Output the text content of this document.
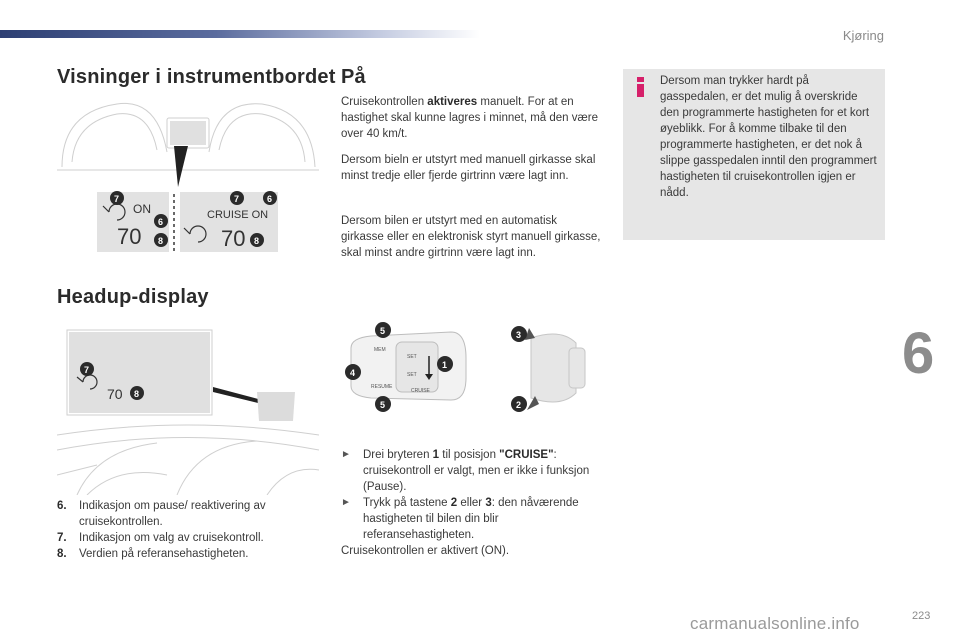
Kjøring
Visninger i instrumentbordet På
Headup-display
ON
70
7
6
8
CRUISE ON
70
7	6
8
70
7
8
6. Indikasjon om pause/ reaktivering av cruisekontrollen.
7. Indikasjon om valg av cruisekontroll.
8. Verdien på referansehastigheten.
Cruisekontrollen aktiveres manuelt. For at en hastighet skal kunne lagres i minnet, må den være over 40 km/t.
Dersom bieln er utstyrt med manuell girkasse skal minst tredje eller fjerde girtrinn være lagt inn.
Dersom bilen er utstyrt med en automatisk girkasse eller en elektronisk styrt manuell girkasse, skal minst andre girtrinn være lagt inn.
MEM
RESUME
CRUISE
SET
SET
5
4
1
5
3
2
► Drei bryteren 1 til posisjon "CRUISE": cruisekontroll er valgt, men er ikke i funksjon (Pause).
► Trykk på tastene 2 eller 3: den nåværende hastigheten til bilen din blir referansehastigheten.
Cruisekontrollen er aktivert (ON).
Dersom man trykker hardt på gasspedalen, er det mulig å overskride den programmerte hastigheten for et kort øyeblikk. For å komme tilbake til den programmerte hastigheten, er det nok å slippe gasspedalen inntil den programmert hastigheten til cruisekontrollen igjen er nådd.
6
223
carmanualsonline.info
